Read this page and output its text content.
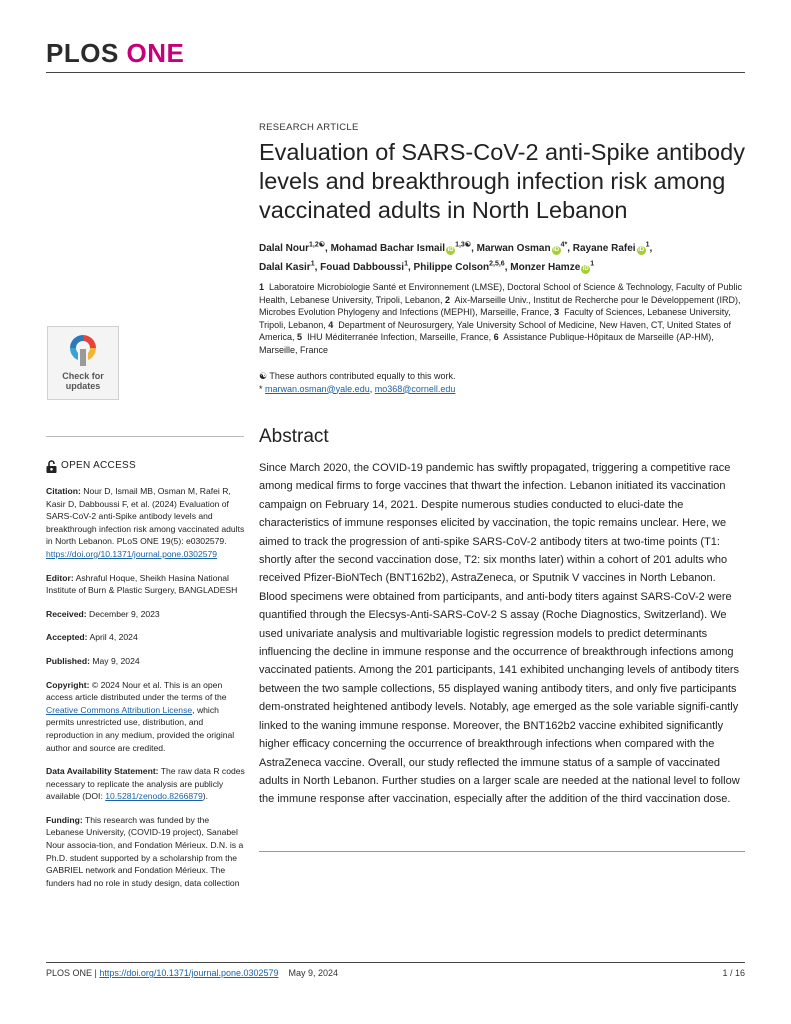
PLOS ONE
Check for
updates
OPEN ACCESS

Citation: Nour D, Ismail MB, Osman M, Rafei R, Kasir D, Dabboussi F, et al. (2024) Evaluation of SARS-CoV-2 anti-Spike antibody levels and breakthrough infection risk among vaccinated adults in North Lebanon. PLoS ONE 19(5): e0302579. https://doi.org/10.1371/journal.pone.0302579

Editor: Ashraful Hoque, Sheikh Hasina National Institute of Burn & Plastic Surgery, BANGLADESH

Received: December 9, 2023

Accepted: April 4, 2024

Published: May 9, 2024

Copyright: © 2024 Nour et al. This is an open access article distributed under the terms of the Creative Commons Attribution License, which permits unrestricted use, distribution, and reproduction in any medium, provided the original author and source are credited.

Data Availability Statement: The raw data R codes necessary to replicate the analysis are publicly available (DOI: 10.5281/zenodo.8266879).

Funding: This research was funded by the Lebanese University, (COVID-19 project), Sanabel Nour associa-tion, and Fondation Mérieux. D.N. is a Ph.D. student supported by a scholarship from the GABRIEL network and Fondation Mérieux. The funders had no role in study design, data collection

RESEARCH ARTICLE
Evaluation of SARS-CoV-2 anti-Spike antibody levels and breakthrough infection risk among vaccinated adults in North Lebanon
Dalal Nour$^{1,2☯}$, Mohamad Bachar Ismail $iD^{1,3☯}$, Marwan Osman $iD^{4*}$, Rayane Rafei $iD^1$,
Dalal Kasir$^1$, Fouad Dabboussi$^1$, Philippe Colson$^{2,5,6}$, Monzer Hamze $iD^1$
1 Laboratoire Microbiologie Santé et Environnement (LMSE), Doctoral School of Science & Technology, Faculty of Public Health, Lebanese University, Tripoli, Lebanon, 2 Aix-Marseille Univ., Institut de Recherche pour le Développement (IRD), Microbes Evolution Phylogeny and Infections (MEPHI), Marseille, France, 3 Faculty of Sciences, Lebanese University, Tripoli, Lebanon, 4 Department of Neurosurgery, Yale University School of Medicine, New Haven, CT, United States of America, 5 IHU Méditerranée Infection, Marseille, France, 6 Assistance Publique-Hôpitaux de Marseille (AP-HM), Marseille, France
☯ These authors contributed equally to this work.
* marwan.osman@yale.edu, mo368@cornell.edu
Abstract

Since March 2020, the COVID-19 pandemic has swiftly propagated, triggering a competitive race among medical firms to forge vaccines that thwart the infection. Lebanon initiated its vaccination campaign on February 14, 2021. Despite numerous studies conducted to eluci-date the characteristics of immune responses elicited by vaccination, the topic remains unclear. Here, we aimed to track the progression of anti-spike SARS-CoV-2 antibody titers at two-time points (T1: shortly after the second vaccination dose, T2: six months later) within a cohort of 201 adults who received Pfizer-BioNTech (BNT162b2), AstraZeneca, or Sputnik V vaccines in North Lebanon. Blood specimens were obtained from participants, and anti-body titers against SARS-CoV-2 were quantified through the Elecsys-Anti-SARS-CoV-2 S assay (Roche Diagnostics, Switzerland). We used univariate analysis and multivariable logistic regression models to predict determinants influencing the decline in immune response and the occurrence of breakthrough infections among vaccinated patients. Among the 201 participants, 141 exhibited unchanging levels of antibody titers between the two sample collections, 55 displayed waning antibody titers, and only five participants dem-onstrated heightened antibody levels. Notably, age emerged as the sole variable signifi-cantly linked to the waning immune response. Moreover, the BNT162b2 vaccine exhibited significantly higher efficacy concerning the occurrence of breakthrough infections when compared with the AstraZeneca vaccine. Overall, our study reflected the immune status of a sample of vaccinated adults in North Lebanon. Further studies on a larger scale are needed at the national level to follow the immune response after vaccination, especially after the addition of the third vaccination dose.

PLOS ONE | https://doi.org/10.1371/journal.pone.0302579 May 9, 2024	1 / 16
